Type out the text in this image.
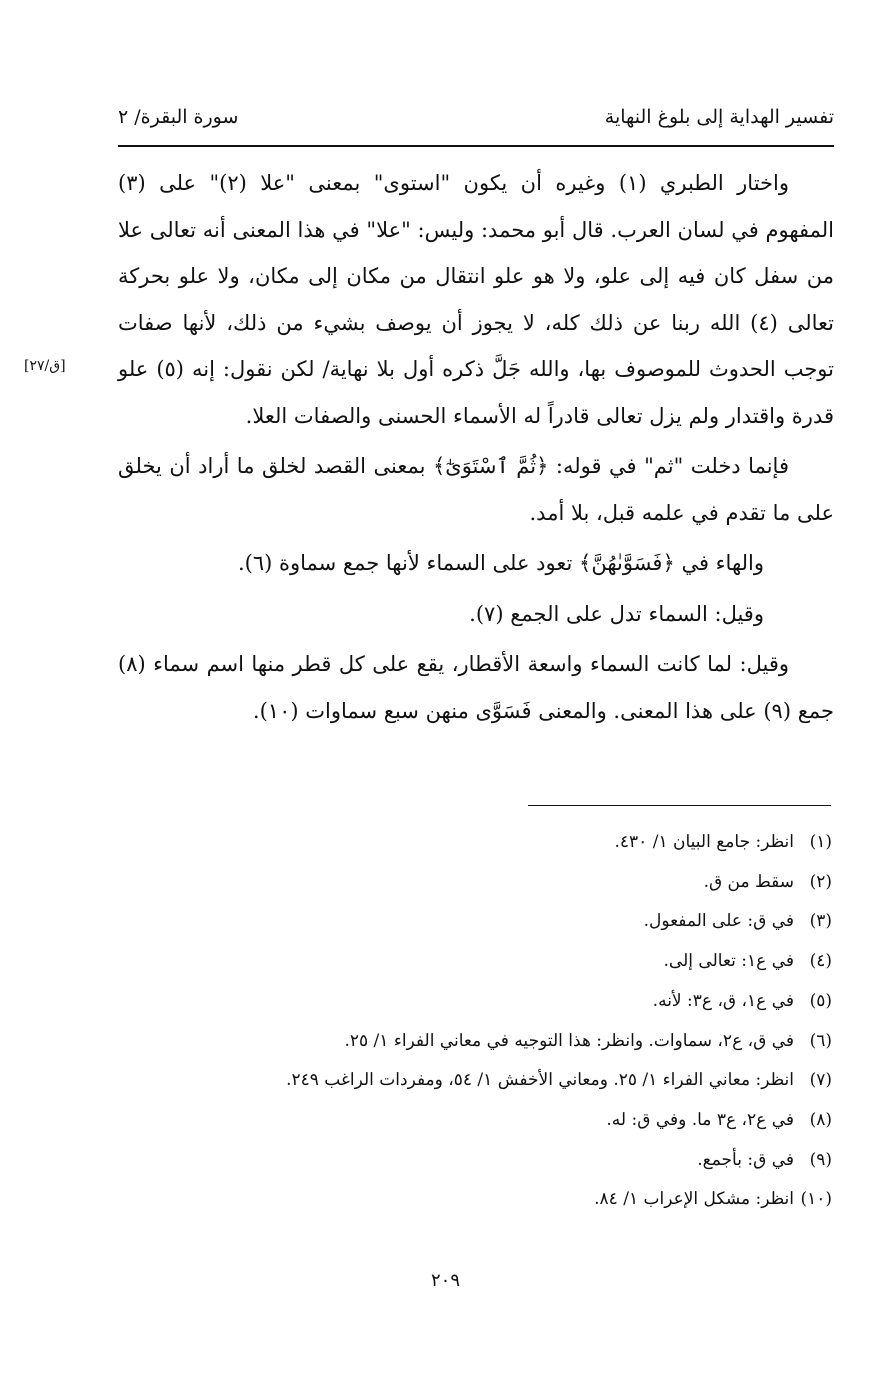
تفسير الهداية إلى بلوغ النهاية
سورة البقرة/ ٢

واختار الطبري (١) وغيره أن يكون "استوى" بمعنى "علا (٢)" على (٣) المفهوم في لسان العرب. قال أبو محمد: وليس: "علا" في هذا المعنى أنه تعالى علا من سفل كان فيه إلى علو، ولا هو علو انتقال من مكان إلى مكان، ولا علو بحركة تعالى (٤) الله ربنا عن ذلك كله، لا يجوز أن يوصف بشيء من ذلك، لأنها صفات توجب الحدوث للموصوف بها، والله جَلَّ ذكره أول بلا نهاية/ لكن نقول: إنه (٥) علو قدرة واقتدار ولم يزل تعالى قادراً له الأسماء الحسنى والصفات العلا.

فإنما دخلت "ثم" في قوله: ﴿ثُمَّ ٱسْتَوَىٰٓ﴾ بمعنى القصد لخلق ما أراد أن يخلق على ما تقدم في علمه قبل، بلا أمد.

والهاء في ﴿فَسَوَّىٰهُنَّ﴾ تعود على السماء لأنها جمع سماوة (٦).

وقيل: السماء تدل على الجمع (٧).

وقيل: لما كانت السماء واسعة الأقطار، يقع على كل قطر منها اسم سماء (٨) جمع (٩) على هذا المعنى. والمعنى فَسَوَّى منهن سبع سماوات (١٠).

[ق/٢٧]
(١)انظر: جامع البيان ١/ ٤٣٠.
(٢)سقط من ق.
(٣)في ق: على المفعول.
(٤)في ع١: تعالى إلى.
(٥)في ع١، ق، ع٣: لأنه.
(٦)في ق، ع٢، سماوات. وانظر: هذا التوجيه في معاني الفراء ١/ ٢٥.
(٧)انظر: معاني الفراء ١/ ٢٥. ومعاني الأخفش ١/ ٥٤، ومفردات الراغب ٢٤٩.
(٨)في ع٢، ع٣ ما. وفي ق: له.
(٩)في ق: بأجمع.
(١٠)انظر: مشكل الإعراب ١/ ٨٤.
٢٠٩
